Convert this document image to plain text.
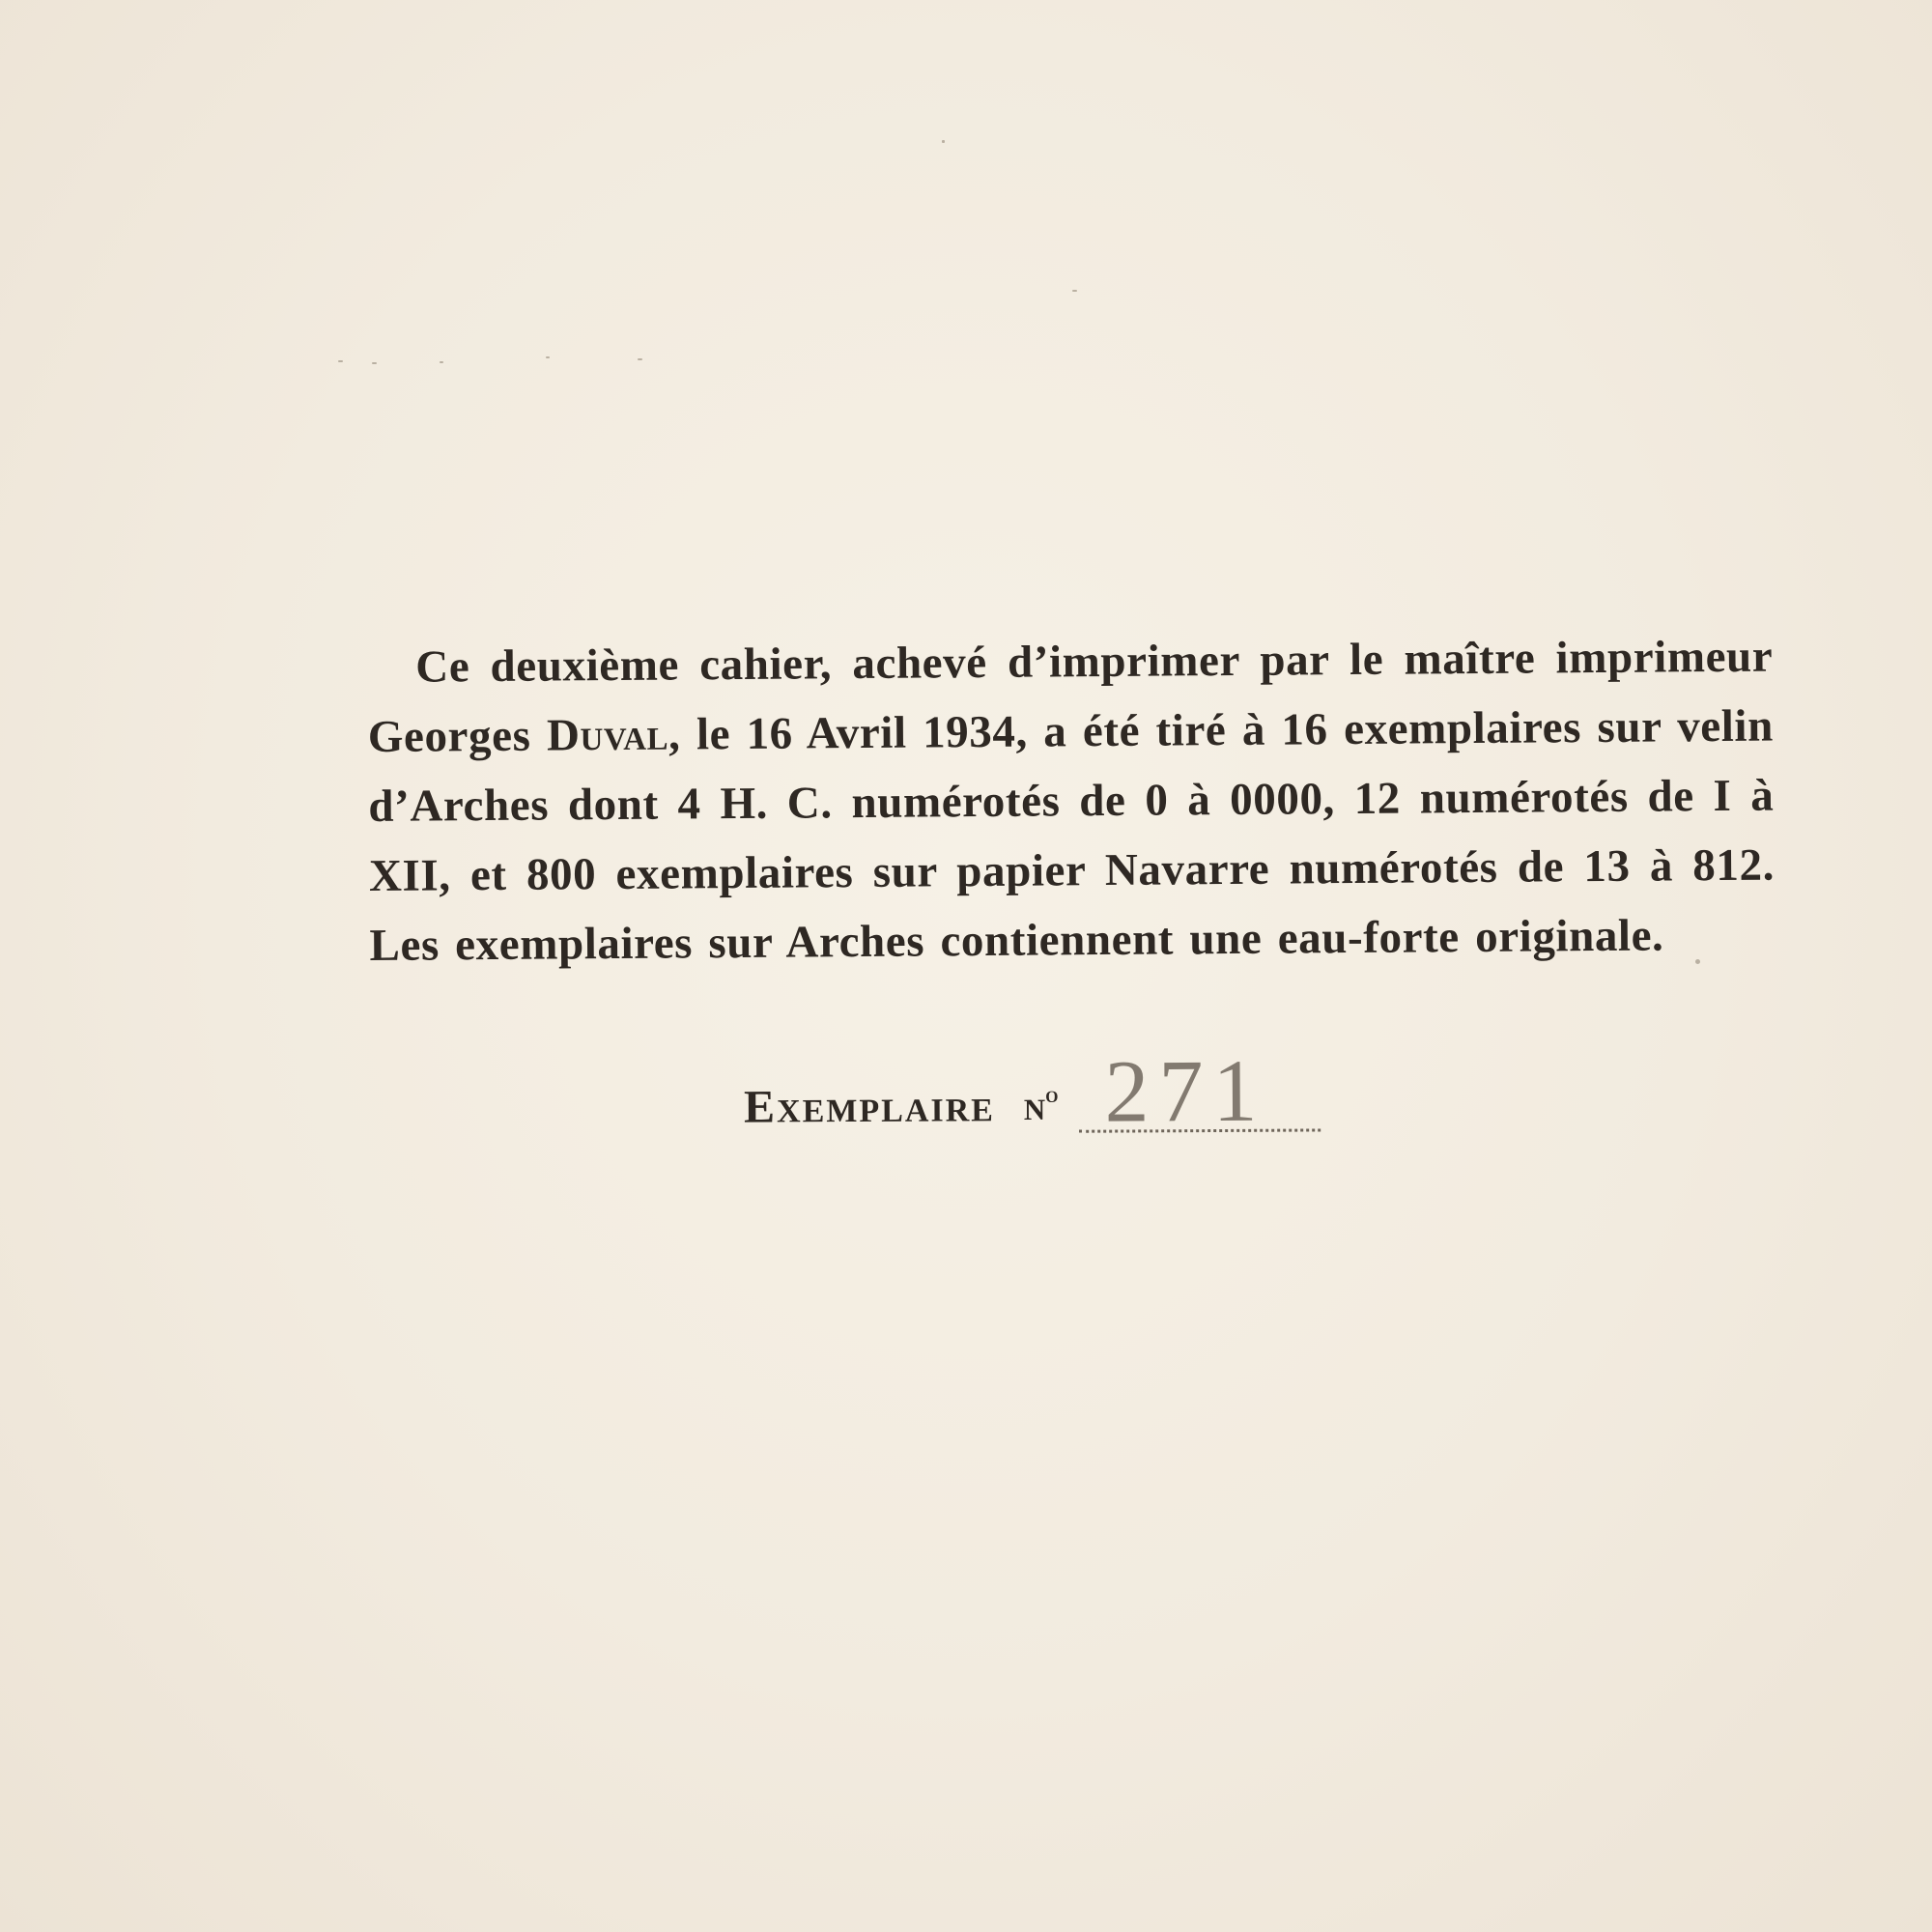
Ce deuxième cahier, achevé d’imprimer par le maître imprimeur Georges Duval, le 16 Avril 1934, a été tiré à 16 exemplaires sur velin d’Arches dont 4 H. C. numérotés de 0 à 0000, 12 numérotés de I à XII, et 800 exemplaires sur papier Navarre numérotés de 13 à 812. Les exemplaires sur Arches contiennent une eau-forte originale.

Exemplaire $n^o$ 271
